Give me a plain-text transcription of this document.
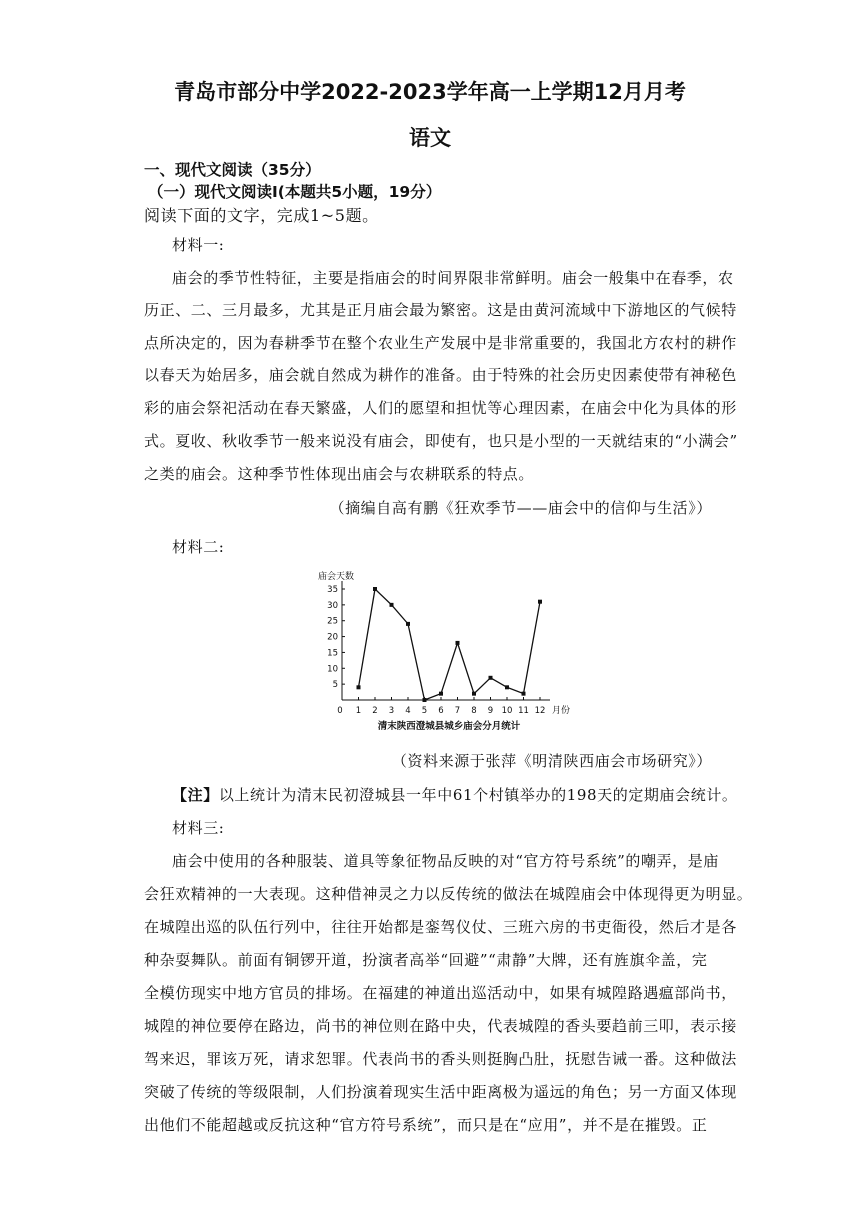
青岛市部分中学2022-2023学年高一上学期12月月考
语文
一、现代文阅读（35分）
（一）现代文阅读Ⅰ(本题共5小题，19分）
阅读下面的文字，完成1~5题。
材料一:
庙会的季节性特征，主要是指庙会的时间界限非常鲜明。庙会一般集中在春季，农
历正、二、三月最多，尤其是正月庙会最为繁密。这是由黄河流域中下游地区的气候特
点所决定的，因为春耕季节在整个农业生产发展中是非常重要的，我国北方农村的耕作
以春天为始居多，庙会就自然成为耕作的准备。由于特殊的社会历史因素使带有神秘色
彩的庙会祭祀活动在春天繁盛，人们的愿望和担忧等心理因素，在庙会中化为具体的形
式。夏收、秋收季节一般来说没有庙会，即使有，也只是小型的一天就结束的“小满会”
之类的庙会。这种季节性体现出庙会与农耕联系的特点。
（摘编自高有鹏《狂欢季节——庙会中的信仰与生活》）
材料二:
庙会天数
5
10
15
20
25
30
35
0 1 2 3 4 5 6 7 8 9 10 11 12 月份
清末陕西澄城县城乡庙会分月统计
（资料来源于张萍《明清陕西庙会市场研究》）
【注】以上统计为清末民初澄城县一年中61个村镇举办的198天的定期庙会统计。
材料三:
庙会中使用的各种服装、道具等象征物品反映的对“官方符号系统”的嘲弄，是庙
会狂欢精神的一大表现。这种借神灵之力以反传统的做法在城隍庙会中体现得更为明显。
在城隍出巡的队伍行列中，往往开始都是銮驾仪仗、三班六房的书吏衙役，然后才是各
种杂耍舞队。前面有铜锣开道，扮演者高举“回避”“肃静”大牌，还有旌旗伞盖，完
全模仿现实中地方官员的排场。在福建的神道出巡活动中，如果有城隍路遇瘟部尚书，
城隍的神位要停在路边，尚书的神位则在路中央，代表城隍的香头要趋前三叩，表示接
驾来迟，罪该万死，请求恕罪。代表尚书的香头则挺胸凸肚，抚慰告诫一番。这种做法
突破了传统的等级限制，人们扮演着现实生活中距离极为遥远的角色；另一方面又体现
出他们不能超越或反抗这种“官方符号系统”，而只是在“应用”，并不是在摧毁。正
